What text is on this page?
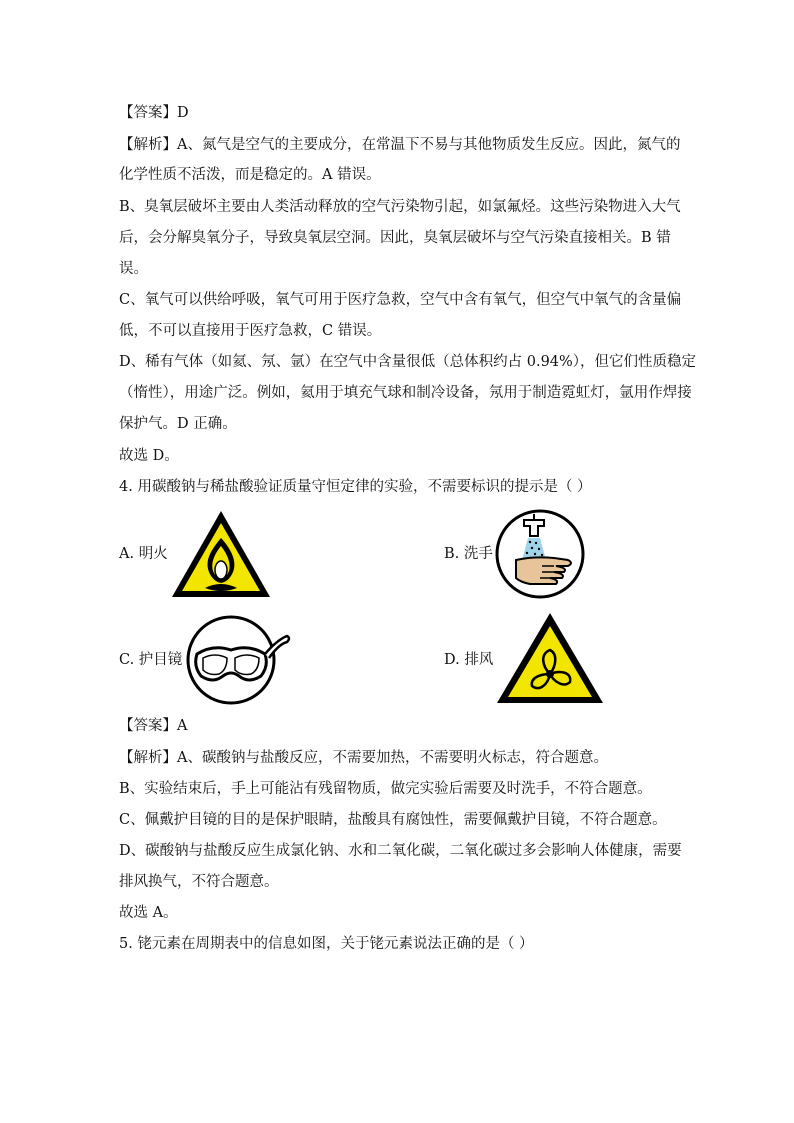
【答案】D
【解析】A、氮气是空气的主要成分，在常温下不易与其他物质发生反应。因此，氮气的
化学性质不活泼，而是稳定的。A 错误。
B、臭氧层破坏主要由人类活动释放的空气污染物引起，如氯氟烃。这些污染物进入大气
后，会分解臭氧分子，导致臭氧层空洞。因此，臭氧层破坏与空气污染直接相关。B 错
误。
C、氧气可以供给呼吸，氧气可用于医疗急救，空气中含有氧气，但空气中氧气的含量偏
低，不可以直接用于医疗急救，C 错误。
D、稀有气体（如氦、氖、氩）在空气中含量很低（总体积约占 0.94%），但它们性质稳定
（惰性），用途广泛。例如，氦用于填充气球和制冷设备，氖用于制造霓虹灯，氩用作焊接
保护气。D 正确。
故选 D。
4. 用碳酸钠与稀盐酸验证质量守恒定律的实验，不需要标识的提示是（ ）
A. 明火	B. 洗手
C. 护目镜	D. 排风
【答案】A
【解析】A、碳酸钠与盐酸反应，不需要加热，不需要明火标志，符合题意。
B、实验结束后，手上可能沾有残留物质，做完实验后需要及时洗手，不符合题意。
C、佩戴护目镜的目的是保护眼睛，盐酸具有腐蚀性，需要佩戴护目镜，不符合题意。
D、碳酸钠与盐酸反应生成氯化钠、水和二氧化碳，二氧化碳过多会影响人体健康，需要
排风换气，不符合题意。
故选 A。
5. 铑元素在周期表中的信息如图，关于铑元素说法正确的是（ ）
